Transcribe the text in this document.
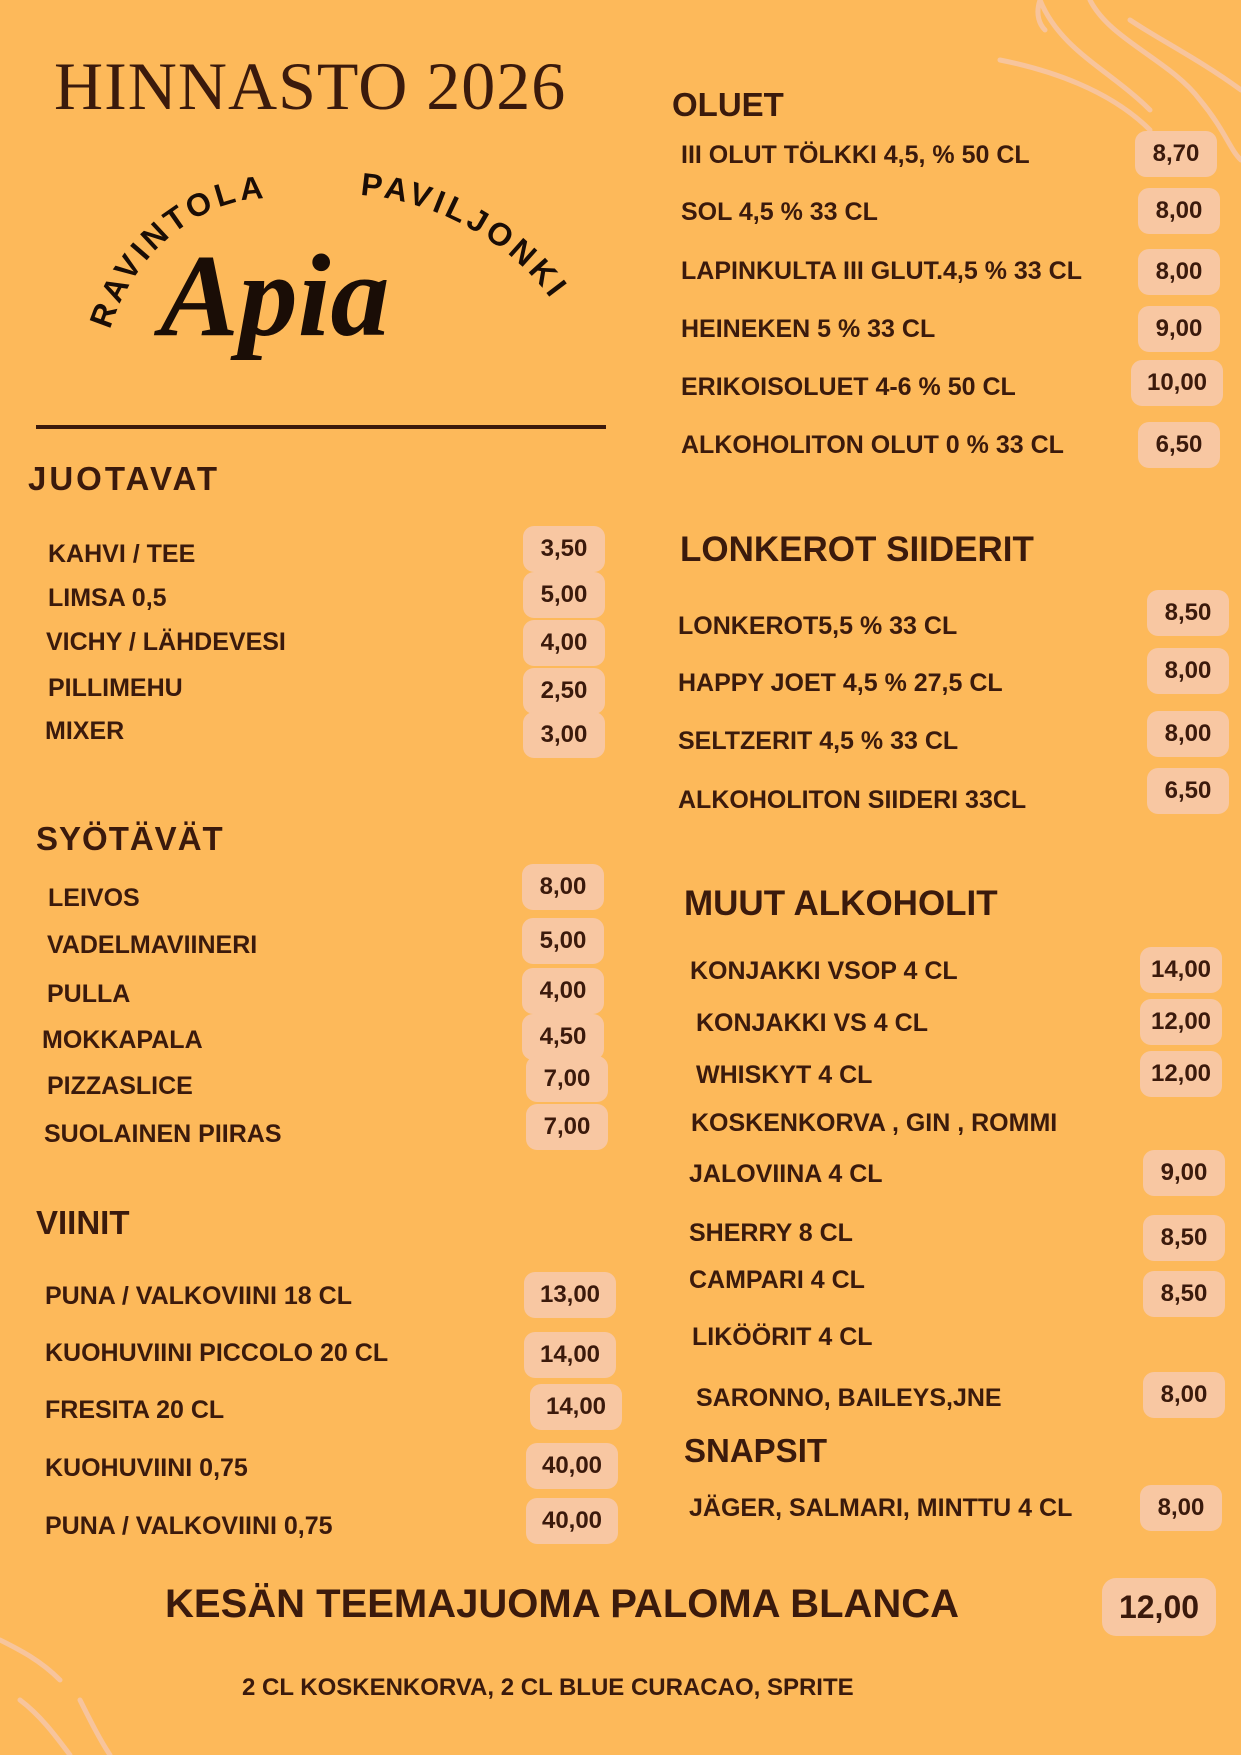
HINNASTO 2026
RAVINTOLA	PAVILJONKI
Apia
JUOTAVAT
SYÖTÄVÄT
VIINIT
OLUET
LONKEROT SIIDERIT
MUUT ALKOHOLIT
SNAPSIT
KAHVI / TEE	3,50
LIMSA 0,5	5,00
VICHY / LÄHDEVESI	4,00
PILLIMEHU	2,50
MIXER	3,00
LEIVOS	8,00
VADELMAVIINERI	5,00
PULLA	4,00
MOKKAPALA	4,50
PIZZASLICE	7,00
SUOLAINEN PIIRAS	7,00
PUNA / VALKOVIINI 18 CL	13,00
KUOHUVIINI PICCOLO 20 CL	14,00
FRESITA 20 CL	14,00
KUOHUVIINI 0,75	40,00
PUNA / VALKOVIINI 0,75	40,00
III OLUT TÖLKKI 4,5, % 50 CL	8,70
SOL 4,5 % 33 CL	8,00
LAPINKULTA III GLUT.4,5 % 33 CL	8,00
HEINEKEN 5 % 33 CL	9,00
ERIKOISOLUET 4-6 % 50 CL	10,00
ALKOHOLITON OLUT 0 % 33 CL	6,50
LONKEROT5,5 % 33 CL	8,50
HAPPY JOET 4,5 % 27,5 CL	8,00
SELTZERIT 4,5 % 33 CL	8,00
ALKOHOLITON SIIDERI 33CL	6,50
KONJAKKI VSOP 4 CL	14,00
KONJAKKI VS 4 CL	12,00
WHISKYT 4 CL	12,00
KOSKENKORVA , GIN , ROMMI
JALOVIINA 4 CL	9,00
SHERRY 8 CL	8,50
CAMPARI 4 CL	8,50
LIKÖÖRIT 4 CL
SARONNO, BAILEYS,JNE	8,00
JÄGER, SALMARI, MINTTU 4 CL	8,00
KESÄN TEEMAJUOMA PALOMA BLANCA	12,00
2 CL KOSKENKORVA, 2 CL BLUE CURACAO, SPRITE
